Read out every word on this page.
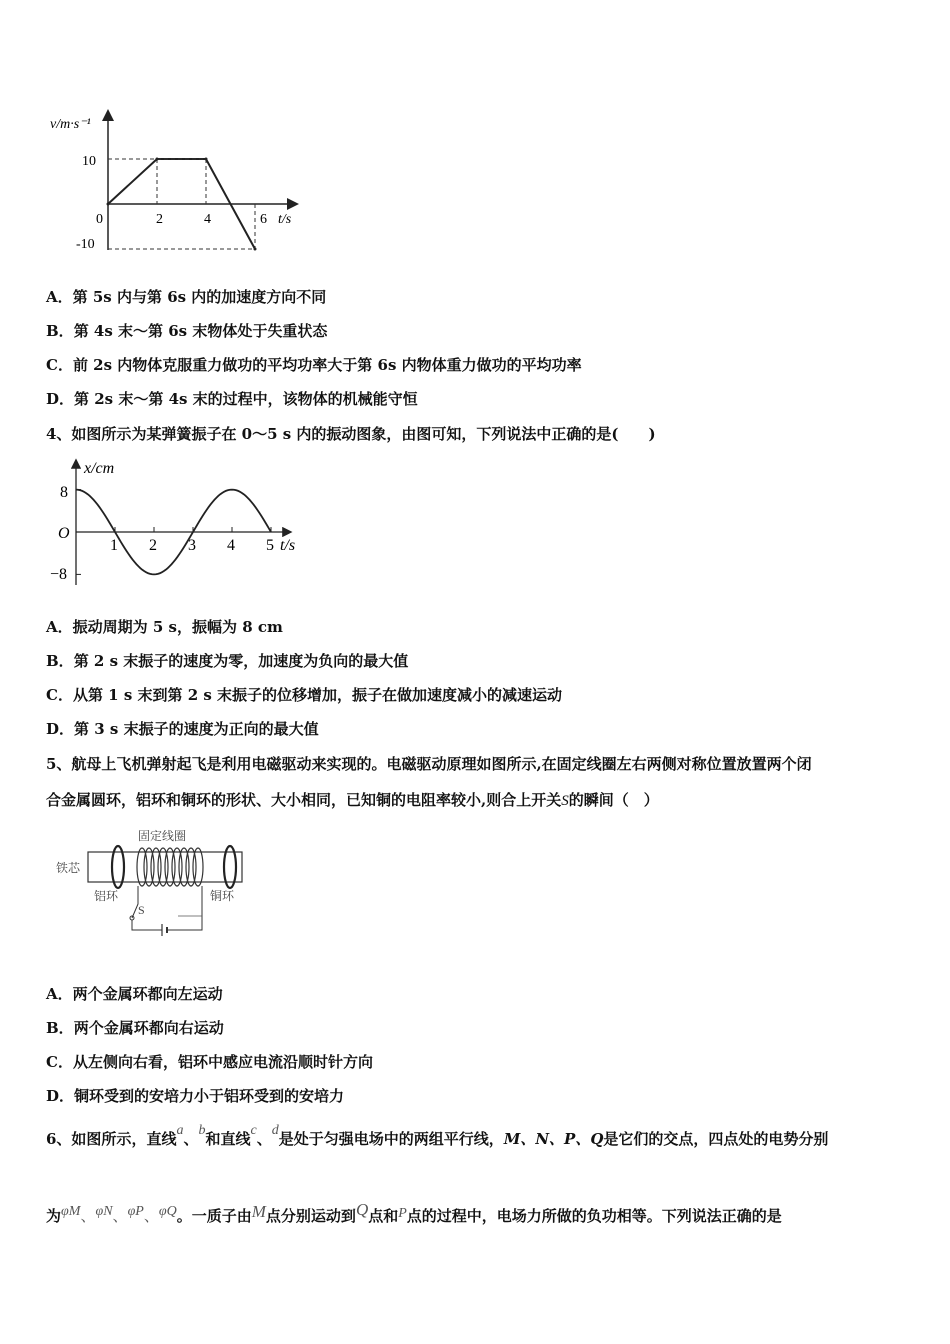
v/m·s⁻¹
10
-10
0	2	4	6 t/s
A．第 5s 内与第 6s 内的加速度方向不同
B．第 4s 末～第 6s 末物体处于失重状态
C．前 2s 内物体克服重力做功的平均功率大于第 6s 内物体重力做功的平均功率
D．第 2s 末～第 4s 末的过程中，该物体的机械能守恒
4、如图所示为某弹簧振子在 0～5 s 内的振动图象，由图可知，下列说法中正确的是(　　)
x/cm
8
−8
O
t/s
1 2 3 4 5
A．振动周期为 5 s，振幅为 8 cm
B．第 2 s 末振子的速度为零，加速度为负向的最大值
C．从第 1 s 末到第 2 s 末振子的位移增加，振子在做加速度减小的减速运动
D．第 3 s 末振子的速度为正向的最大值
5、航母上飞机弹射起飞是利用电磁驱动来实现的。电磁驱动原理如图所示,在固定线圈左右两侧对称位置放置两个闭
合金属圆环，铝环和铜环的形状、大小相同，已知铜的电阻率较小,则合上开关S的瞬间（　）
固定线圈
铁芯
铝环	铜环
S
A．两个金属环都向左运动
B．两个金属环都向右运动
C．从左侧向右看，铝环中感应电流沿顺时针方向
D．铜环受到的安培力小于铝环受到的安培力
6、如图所示，直线a、b和直线c、d是处于匀强电场中的两组平行线，M、N、P、Q是它们的交点，四点处的电势分别
为φM、φN、φP、φQ。一质子由M点分别运动到Q点和P点的过程中，电场力所做的负功相等。下列说法正确的是
